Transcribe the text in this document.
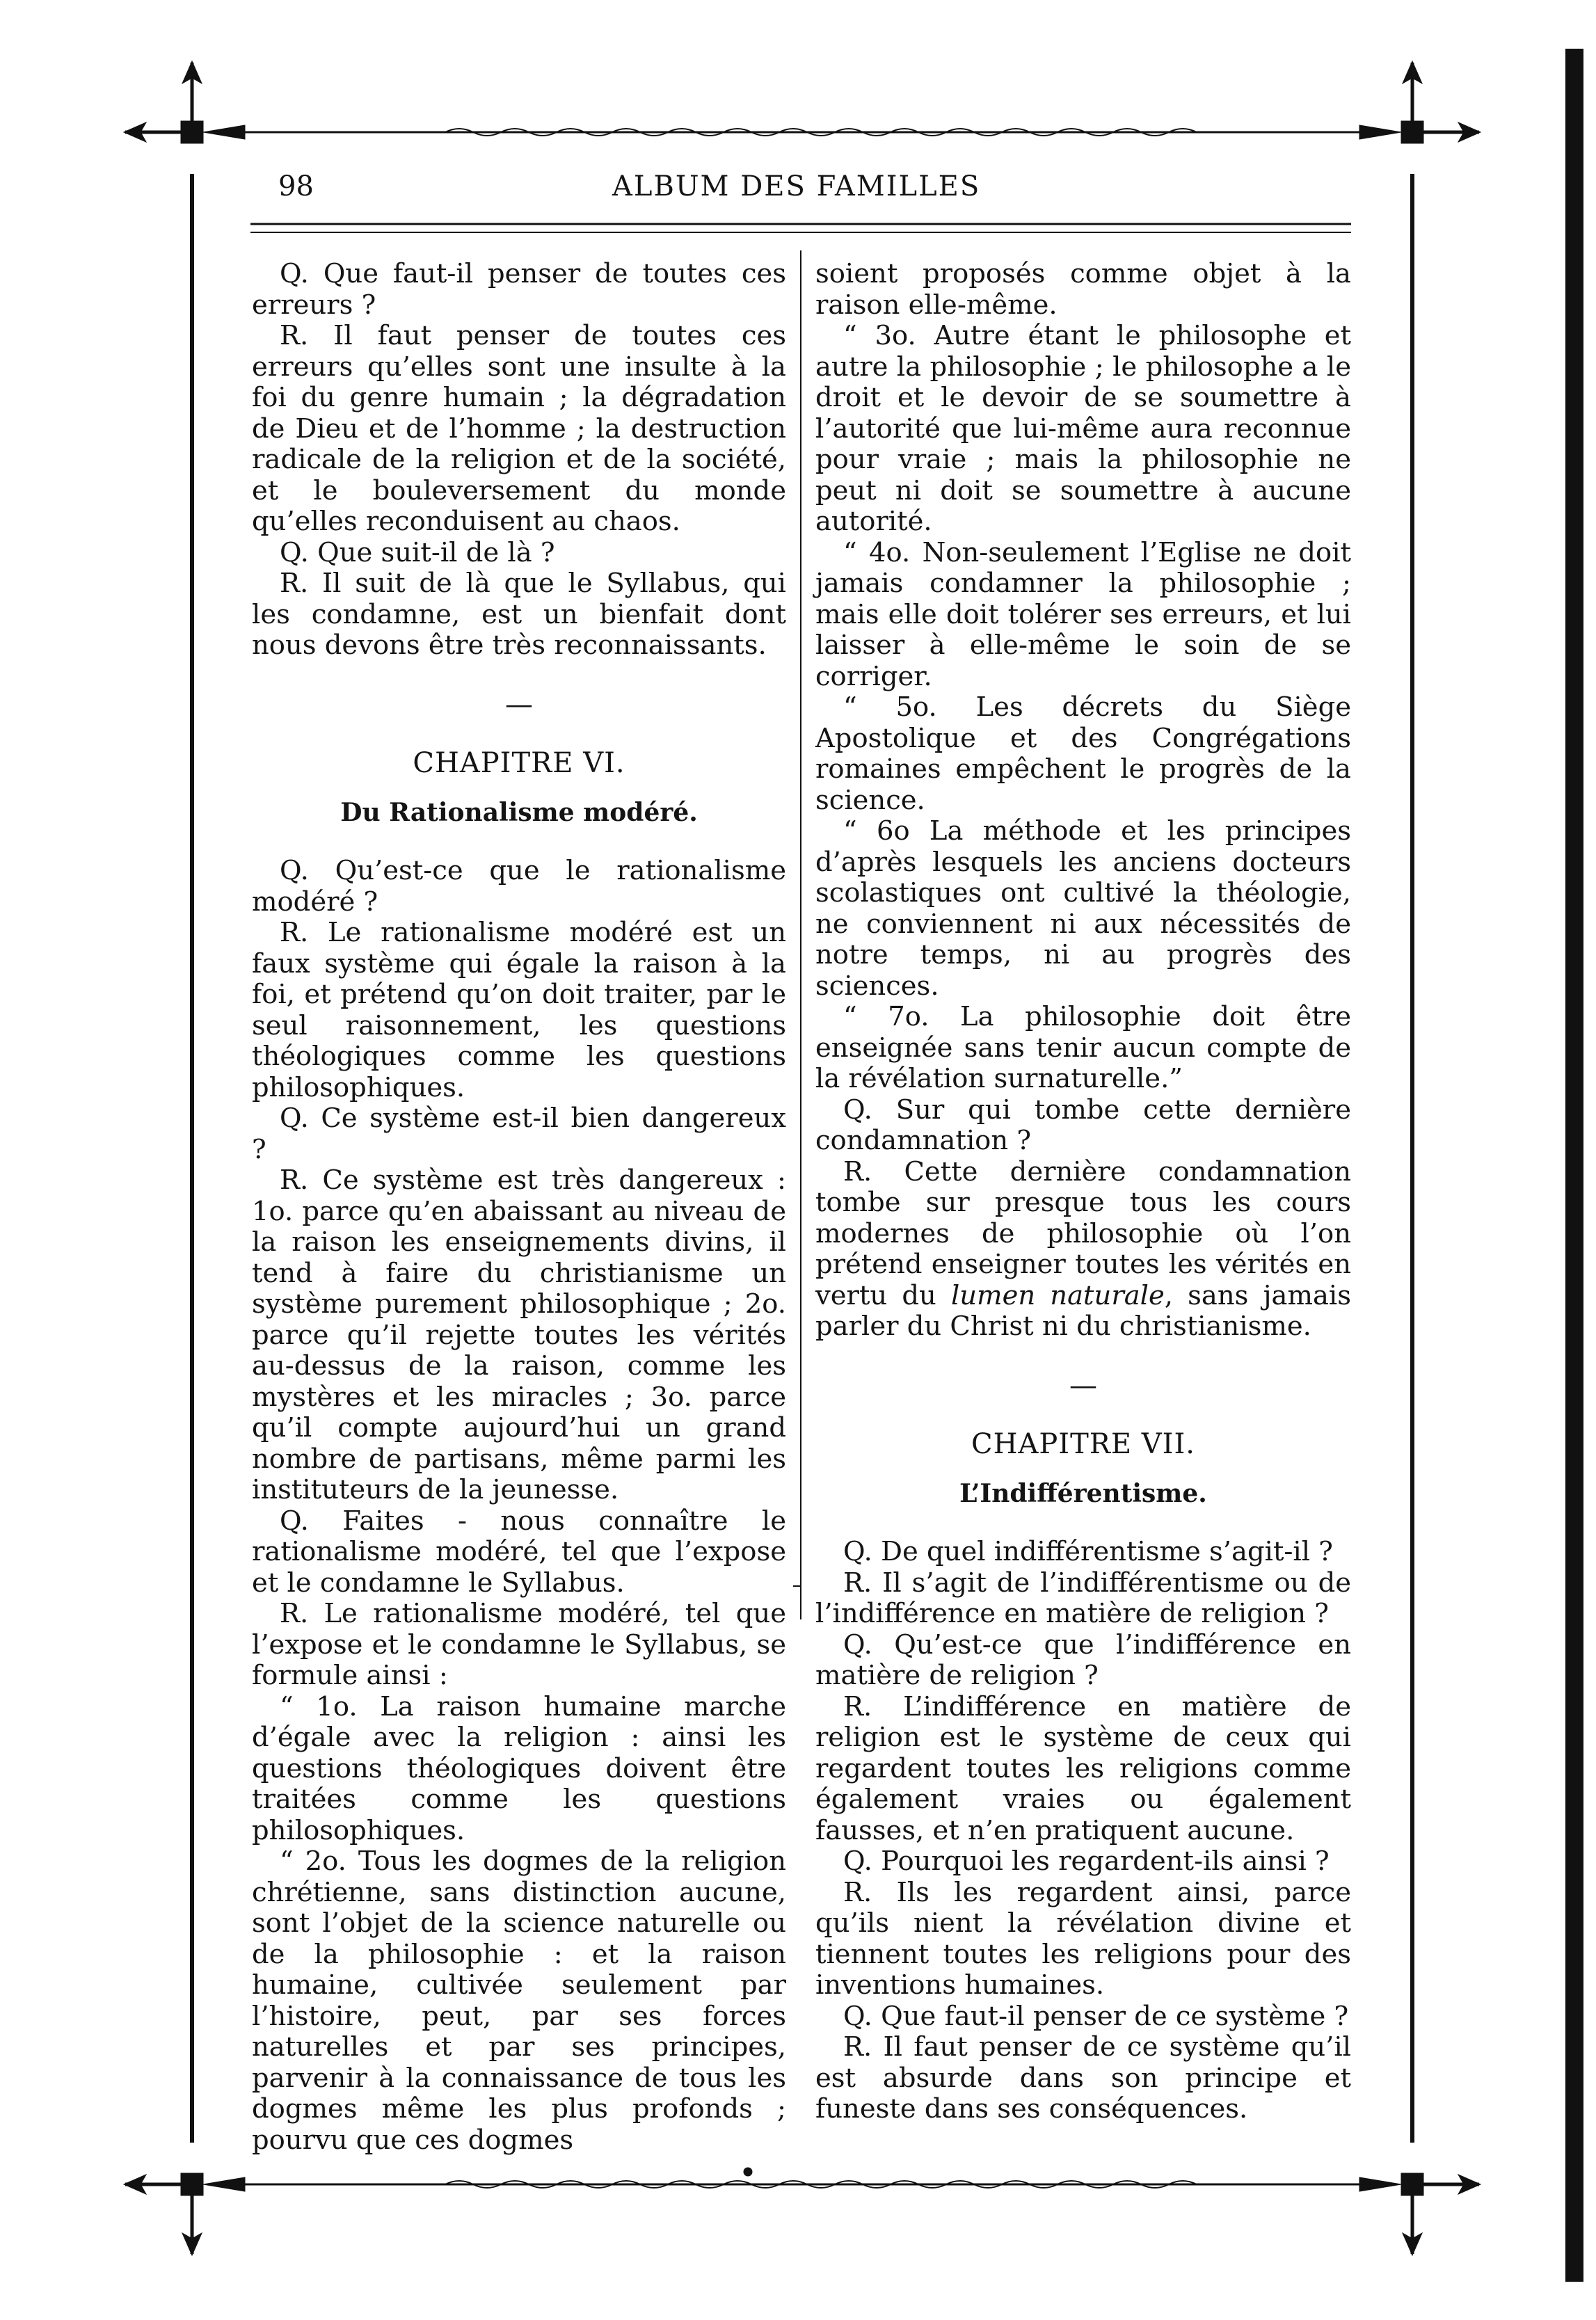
98	ALBUM DES FAMILLES

Q. Que faut-il penser de toutes ces erreurs ?

R. Il faut penser de toutes ces erreurs qu’elles sont une insulte à la foi du genre humain ; la dégradation de Dieu et de l’homme ; la destruction radicale de la religion et de la société, et le bouleversement du monde qu’elles reconduisent au chaos.

Q. Que suit-il de là ?

R. Il suit de là que le Syllabus, qui les condamne, est un bienfait dont nous devons être très reconnaissants.

—
CHAPITRE VI.
Du Rationalisme modéré.

Q. Qu’est-ce que le rationalisme modéré ?

R. Le rationalisme modéré est un faux système qui égale la raison à la foi, et prétend qu’on doit traiter, par le seul raisonnement, les questions théologiques comme les questions philosophiques.

Q. Ce système est-il bien dangereux ?

R. Ce système est très dangereux : 1o. parce qu’en abaissant au niveau de la raison les enseignements divins, il tend à faire du christianisme un système purement philosophique ; 2o. parce qu’il rejette toutes les vérités au-dessus de la raison, comme les mystères et les miracles ; 3o. parce qu’il compte aujourd’hui un grand nombre de partisans, même parmi les instituteurs de la jeunesse.

Q. Faites - nous connaître le rationalisme modéré, tel que l’expose et le condamne le Syllabus.

R. Le rationalisme modéré, tel que l’expose et le condamne le Syllabus, se formule ainsi :

“ 1o. La raison humaine marche d’égale avec la religion : ainsi les questions théologiques doivent être traitées comme les questions philosophiques.

“ 2o. Tous les dogmes de la religion chrétienne, sans distinction aucune, sont l’objet de la science naturelle ou de la philosophie : et la raison humaine, cultivée seulement par l’histoire, peut, par ses forces naturelles et par ses principes, parvenir à la connaissance de tous les dogmes même les plus profonds ; pourvu que ces dogmes

soient proposés comme objet à la raison elle-même.

“ 3o. Autre étant le philosophe et autre la philosophie ; le philosophe a le droit et le devoir de se soumettre à l’autorité que lui-même aura reconnue pour vraie ; mais la philosophie ne peut ni doit se soumettre à aucune autorité.

“ 4o. Non-seulement l’Eglise ne doit jamais condamner la philosophie ; mais elle doit tolérer ses erreurs, et lui laisser à elle-même le soin de se corriger.

“ 5o. Les décrets du Siège Apostolique et des Congrégations romaines empêchent le progrès de la science.

“ 6o La méthode et les principes d’après lesquels les anciens docteurs scolastiques ont cultivé la théologie, ne conviennent ni aux nécessités de notre temps, ni au progrès des sciences.

“ 7o. La philosophie doit être enseignée sans tenir aucun compte de la révélation surnaturelle.”

Q. Sur qui tombe cette dernière condamnation ?

R. Cette dernière condamnation tombe sur presque tous les cours modernes de philosophie où l’on prétend enseigner toutes les vérités en vertu du lumen naturale, sans jamais parler du Christ ni du christianisme.

—
CHAPITRE VII.
L’Indifférentisme.

Q. De quel indifférentisme s’agit-il ?

R. Il s’agit de l’indifférentisme ou de l’indifférence en matière de religion ?

Q. Qu’est-ce que l’indifférence en matière de religion ?

R. L’indifférence en matière de religion est le système de ceux qui regardent toutes les religions comme également vraies ou également fausses, et n’en pratiquent aucune.

Q. Pourquoi les regardent-ils ainsi ?

R. Ils les regardent ainsi, parce qu’ils nient la révélation divine et tiennent toutes les religions pour des inventions humaines.

Q. Que faut-il penser de ce système ?

R. Il faut penser de ce système qu’il est absurde dans son principe et funeste dans ses conséquences.
